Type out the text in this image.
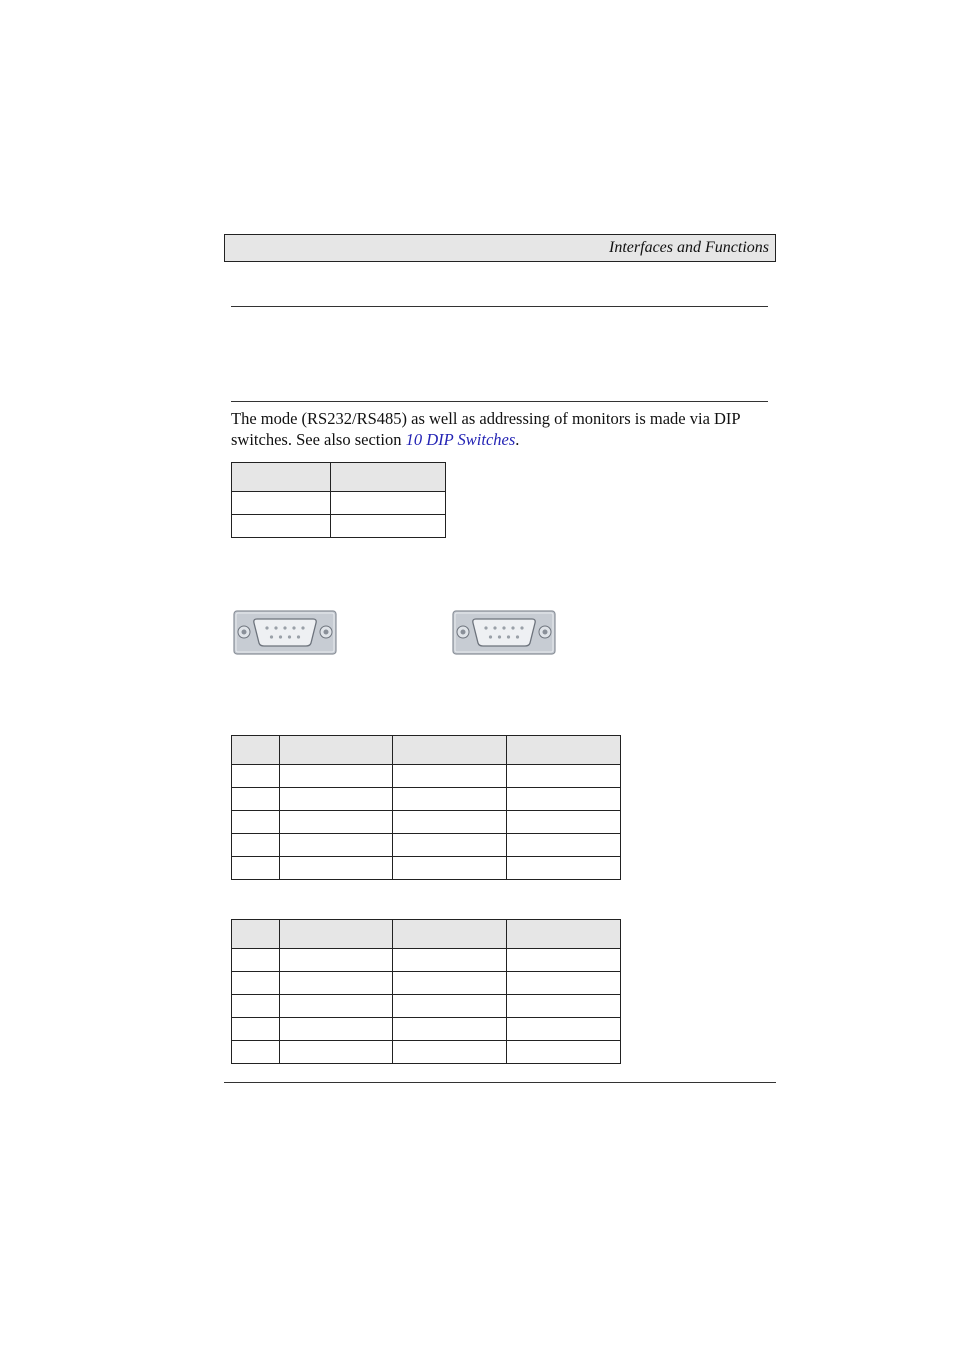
Interfaces and Functions
The mode (RS232/RS485) as well as addressing of monitors is made via DIP switches. See also section 10 DIP Switches.
